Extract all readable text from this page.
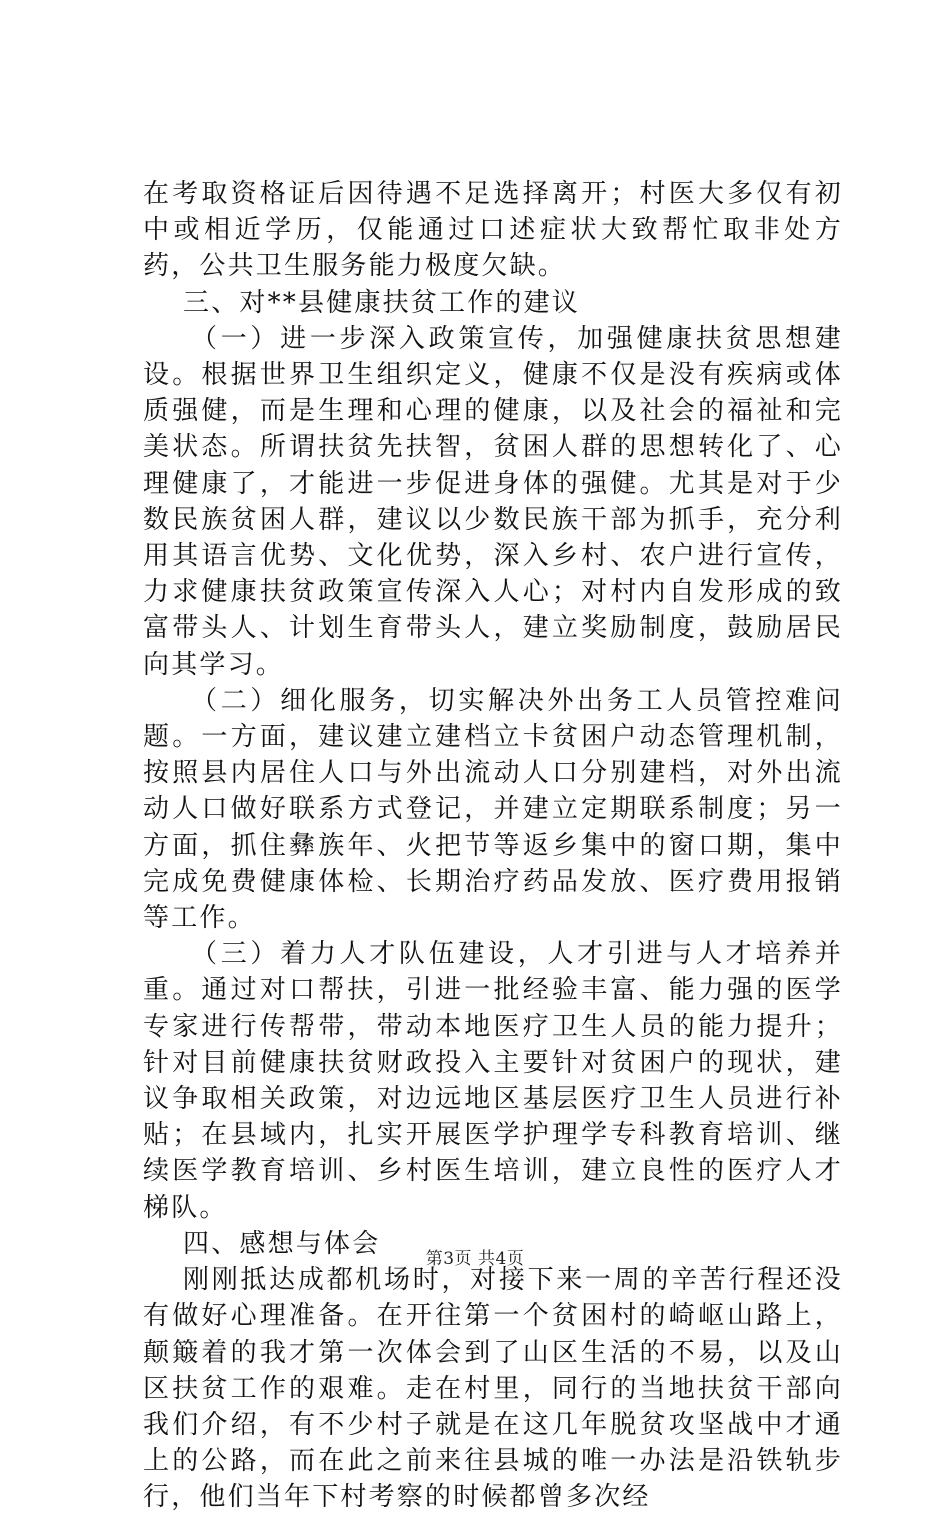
在考取资格证后因待遇不足选择离开；村医大多仅有初中或相近学历，仅能通过口述症状大致帮忙取非处方药，公共卫生服务能力极度欠缺。

三、对**县健康扶贫工作的建议

（一）进一步深入政策宣传，加强健康扶贫思想建设。根据世界卫生组织定义，健康不仅是没有疾病或体质强健，而是生理和心理的健康，以及社会的福祉和完美状态。所谓扶贫先扶智，贫困人群的思想转化了、心理健康了，才能进一步促进身体的强健。尤其是对于少数民族贫困人群，建议以少数民族干部为抓手，充分利用其语言优势、文化优势，深入乡村、农户进行宣传，力求健康扶贫政策宣传深入人心；对村内自发形成的致富带头人、计划生育带头人，建立奖励制度，鼓励居民向其学习。

（二）细化服务，切实解决外出务工人员管控难问题。一方面，建议建立建档立卡贫困户动态管理机制，按照县内居住人口与外出流动人口分别建档，对外出流动人口做好联系方式登记，并建立定期联系制度；另一方面，抓住彝族年、火把节等返乡集中的窗口期，集中完成免费健康体检、长期治疗药品发放、医疗费用报销等工作。

（三）着力人才队伍建设，人才引进与人才培养并重。通过对口帮扶，引进一批经验丰富、能力强的医学专家进行传帮带，带动本地医疗卫生人员的能力提升；针对目前健康扶贫财政投入主要针对贫困户的现状，建议争取相关政策，对边远地区基层医疗卫生人员进行补贴；在县域内，扎实开展医学护理学专科教育培训、继续医学教育培训、乡村医生培训，建立良性的医疗人才梯队。

四、感想与体会

刚刚抵达成都机场时，对接下来一周的辛苦行程还没有做好心理准备。在开往第一个贫困村的崎岖山路上，颠簸着的我才第一次体会到了山区生活的不易，以及山区扶贫工作的艰难。走在村里，同行的当地扶贫干部向我们介绍，有不少村子就是在这几年脱贫攻坚战中才通上的公路，而在此之前来往县城的唯一办法是沿铁轨步行，他们当年下村考察的时候都曾多次经

第3页 共4页
